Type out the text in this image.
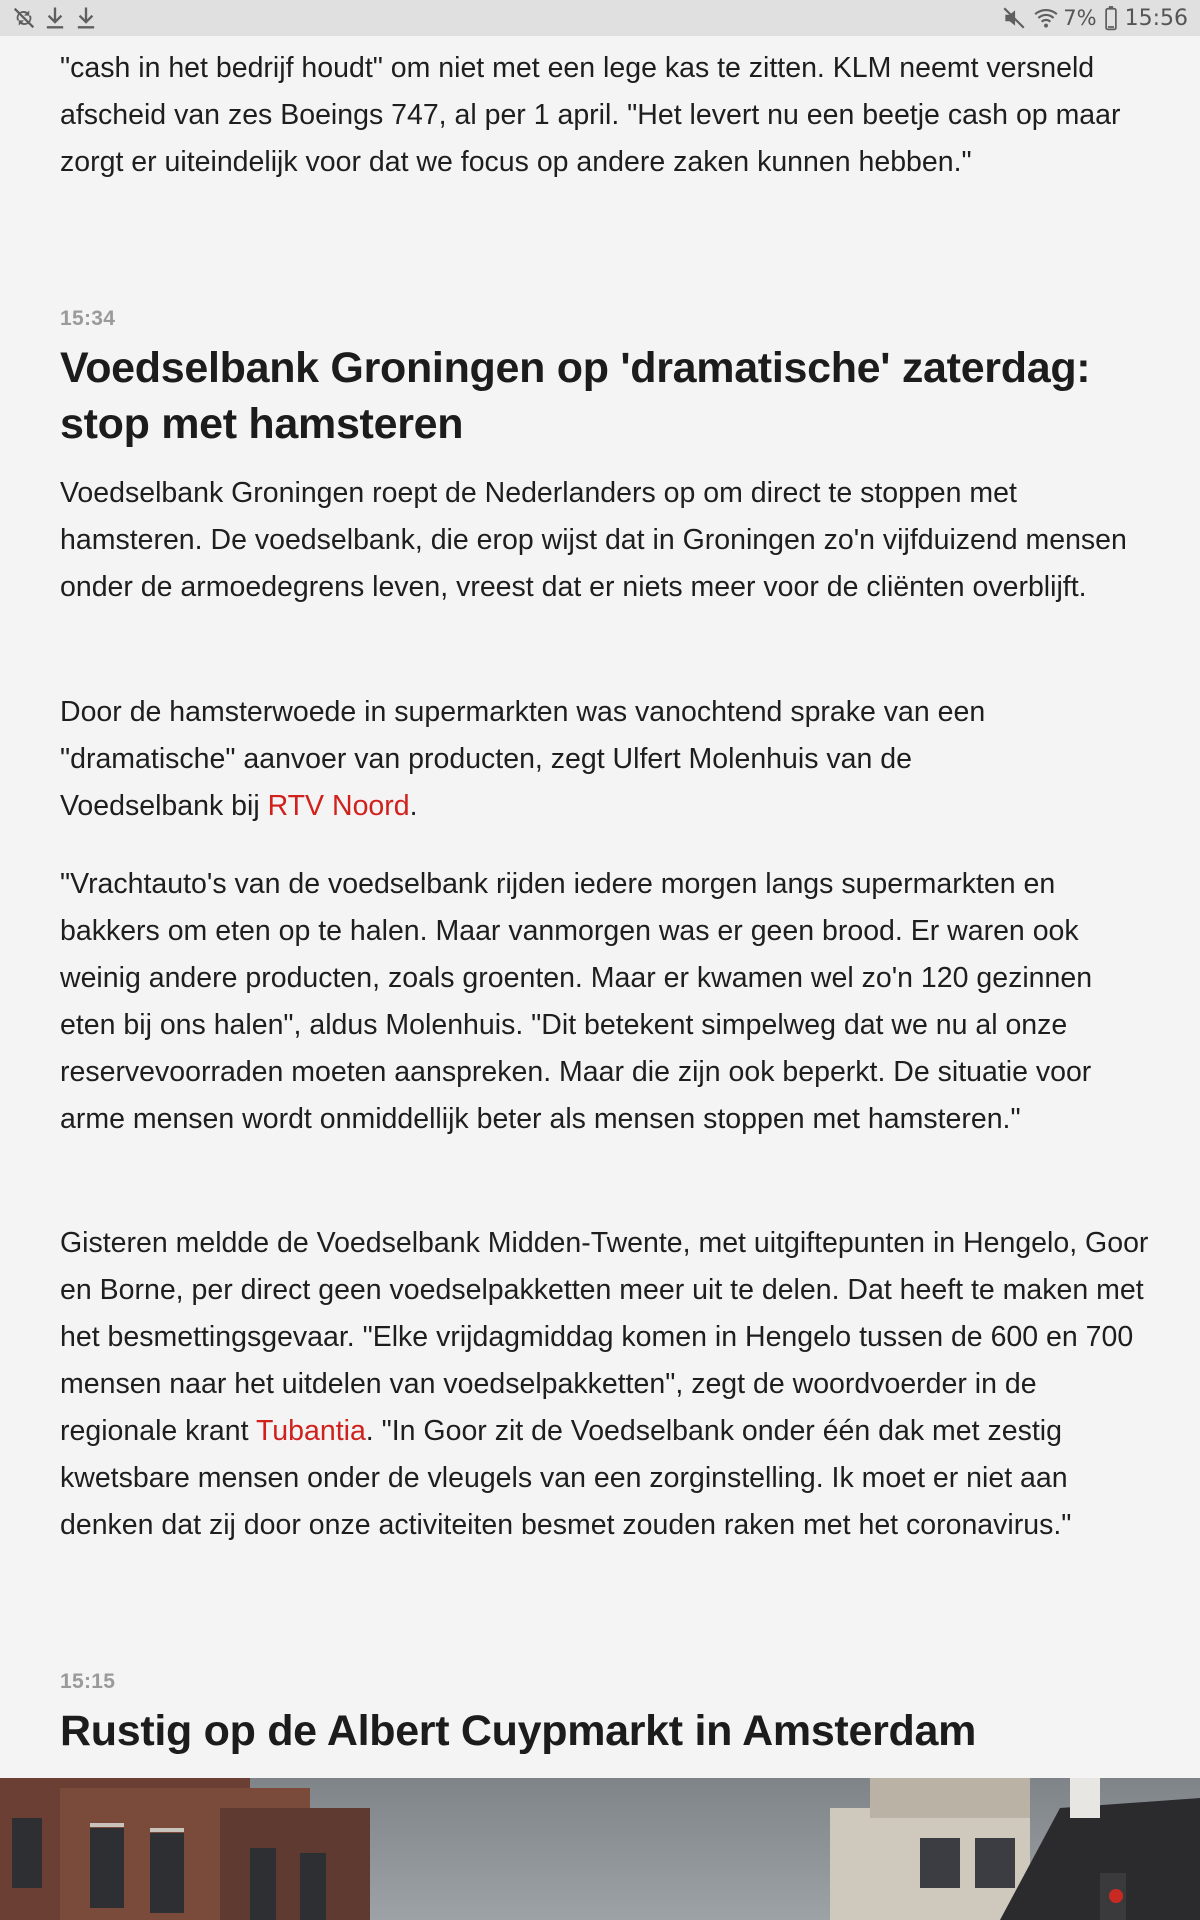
7% 15:56

"cash in het bedrijf houdt" om niet met een lege kas te zitten. KLM neemt versneld afscheid van zes Boeings 747, al per 1 april. "Het levert nu een beetje cash op maar zorgt er uiteindelijk voor dat we focus op andere zaken kunnen hebben."

15:34
Voedselbank Groningen op 'dramatische' zaterdag: stop met hamsteren

Voedselbank Groningen roept de Nederlanders op om direct te stoppen met hamsteren. De voedselbank, die erop wijst dat in Groningen zo'n vijfduizend mensen onder de armoedegrens leven, vreest dat er niets meer voor de cliënten overblijft.

Door de hamsterwoede in supermarkten was vanochtend sprake van een "dramatische" aanvoer van producten, zegt Ulfert Molenhuis van de Voedselbank bij RTV Noord.

"Vrachtauto's van de voedselbank rijden iedere morgen langs supermarkten en bakkers om eten op te halen. Maar vanmorgen was er geen brood. Er waren ook weinig andere producten, zoals groenten. Maar er kwamen wel zo'n 120 gezinnen eten bij ons halen", aldus Molenhuis. "Dit betekent simpelweg dat we nu al onze reservevoorraden moeten aanspreken. Maar die zijn ook beperkt. De situatie voor arme mensen wordt onmiddellijk beter als mensen stoppen met hamsteren."

Gisteren meldde de Voedselbank Midden-Twente, met uitgiftepunten in Hengelo, Goor en Borne, per direct geen voedselpakketten meer uit te delen. Dat heeft te maken met het besmettingsgevaar. "Elke vrijdagmiddag komen in Hengelo tussen de 600 en 700 mensen naar het uitdelen van voedselpakketten", zegt de woordvoerder in de regionale krant Tubantia. "In Goor zit de Voedselbank onder één dak met zestig kwetsbare mensen onder de vleugels van een zorginstelling. Ik moet er niet aan denken dat zij door onze activiteiten besmet zouden raken met het coronavirus."

15:15
Rustig op de Albert Cuypmarkt in Amsterdam
